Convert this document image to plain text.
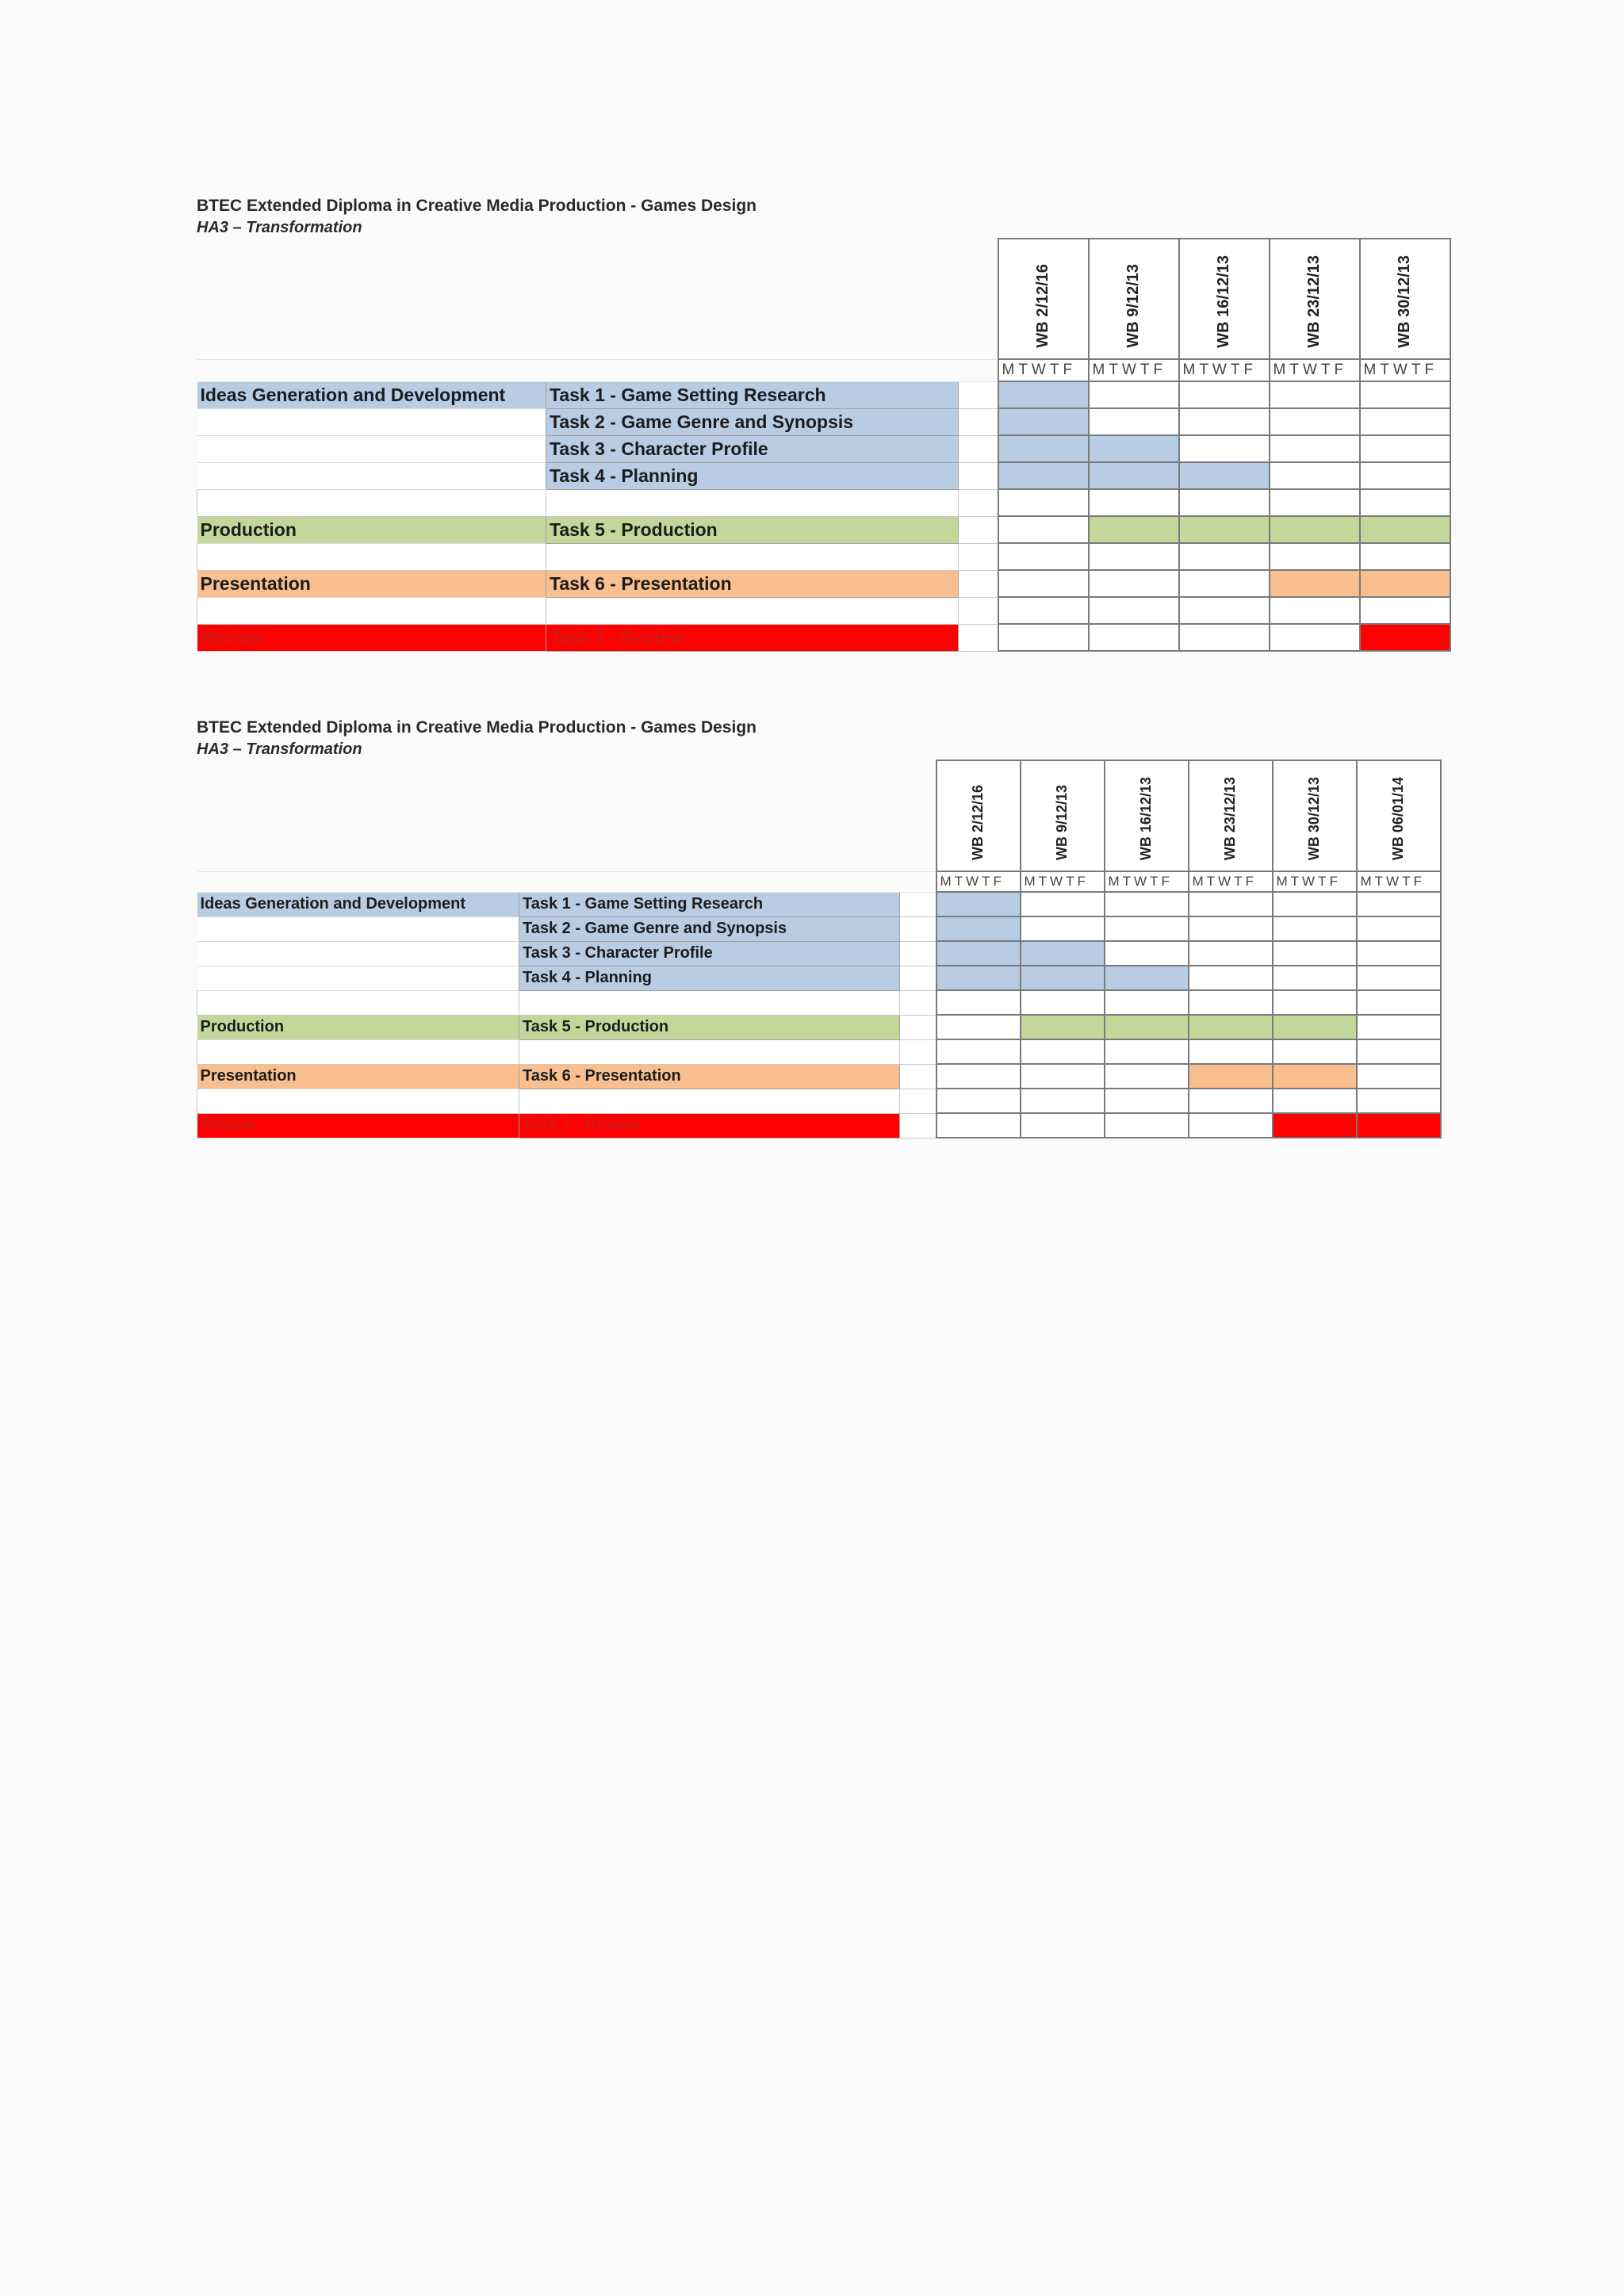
BTEC Extended Diploma in Creative Media Production - Games Design
HA3 – Transformation
			WB 2/12/16	WB 9/12/13	WB 16/12/13	WB 23/12/13	WB 30/12/13
			MTWTF	MTWTF	MTWTF	MTWTF	MTWTF
Ideas Generation and Development	Task 1 - Game Setting Research						
	Task 2 - Game Genre and Synopsis						
	Task 3 - Character Profile						
	Task 4 - Planning						

Production	Task 5 - Production						

Presentation	Task 6 - Presentation						

Review	Task 7 - Review						
BTEC Extended Diploma in Creative Media Production - Games Design
HA3 – Transformation
			WB 2/12/16	WB 9/12/13	WB 16/12/13	WB 23/12/13	WB 30/12/13	WB 06/01/14
			MTWTF	MTWTF	MTWTF	MTWTF	MTWTF	MTWTF
Ideas Generation and Development	Task 1 - Game Setting Research							
	Task 2 - Game Genre and Synopsis							
	Task 3 - Character Profile							
	Task 4 - Planning							

Production	Task 5 - Production							

Presentation	Task 6 - Presentation							

Review	Task 7 - Review							
